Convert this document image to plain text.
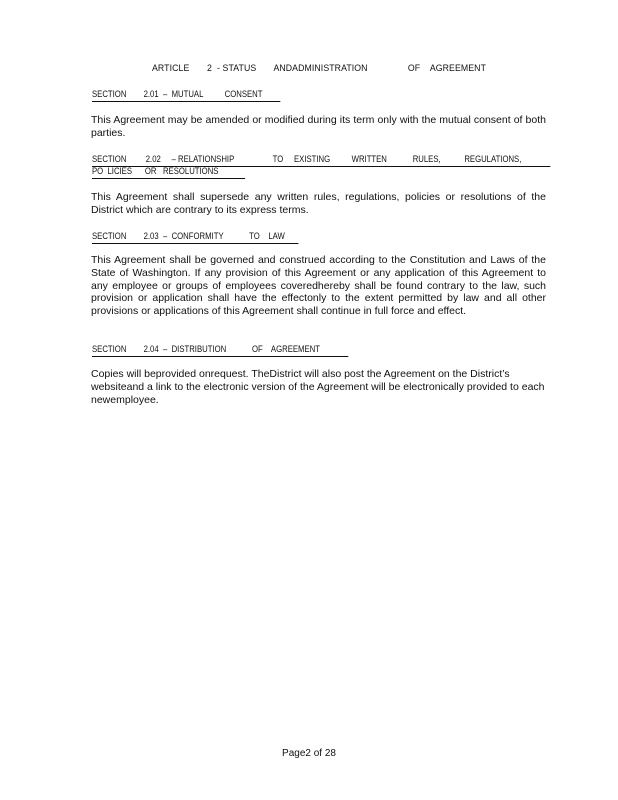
ARTICLE       2  - STATUS       ANDADMINISTRATION                OF    AGREEMENT
SECTION        2.01  –  MUTUAL          CONSENT
This Agreement may be amended or modified during its term only with the mutual consent of both parties.
SECTION         2.02     – RELATIONSHIP                  TO     EXISTING          WRITTEN            RULES,           REGULATIONS,
PO  LICIES      OR   RESOLUTIONS
This Agreement shall supersede any written rules, regulations, policies or resolutions of the District which are contrary to its express terms.
SECTION        2.03  –  CONFORMITY            TO    LAW
This Agreement shall be governed and construed according to the Constitution and Laws of the State of Washington. If any provision of this Agreement or any application of this Agreement to any employee or groups of employees coveredhereby shall be found contrary to the law, such provision or application shall have the effectonly to the extent permitted by law and all other provisions or applications of this Agreement shall continue in full force and effect.
SECTION        2.04  –  DISTRIBUTION            OF    AGREEMENT
Copies will beprovided onrequest. TheDistrict will also post the Agreement on the District’s websiteand a link to the electronic version of the Agreement will be electronically provided to each newemployee.
Page2 of 28
